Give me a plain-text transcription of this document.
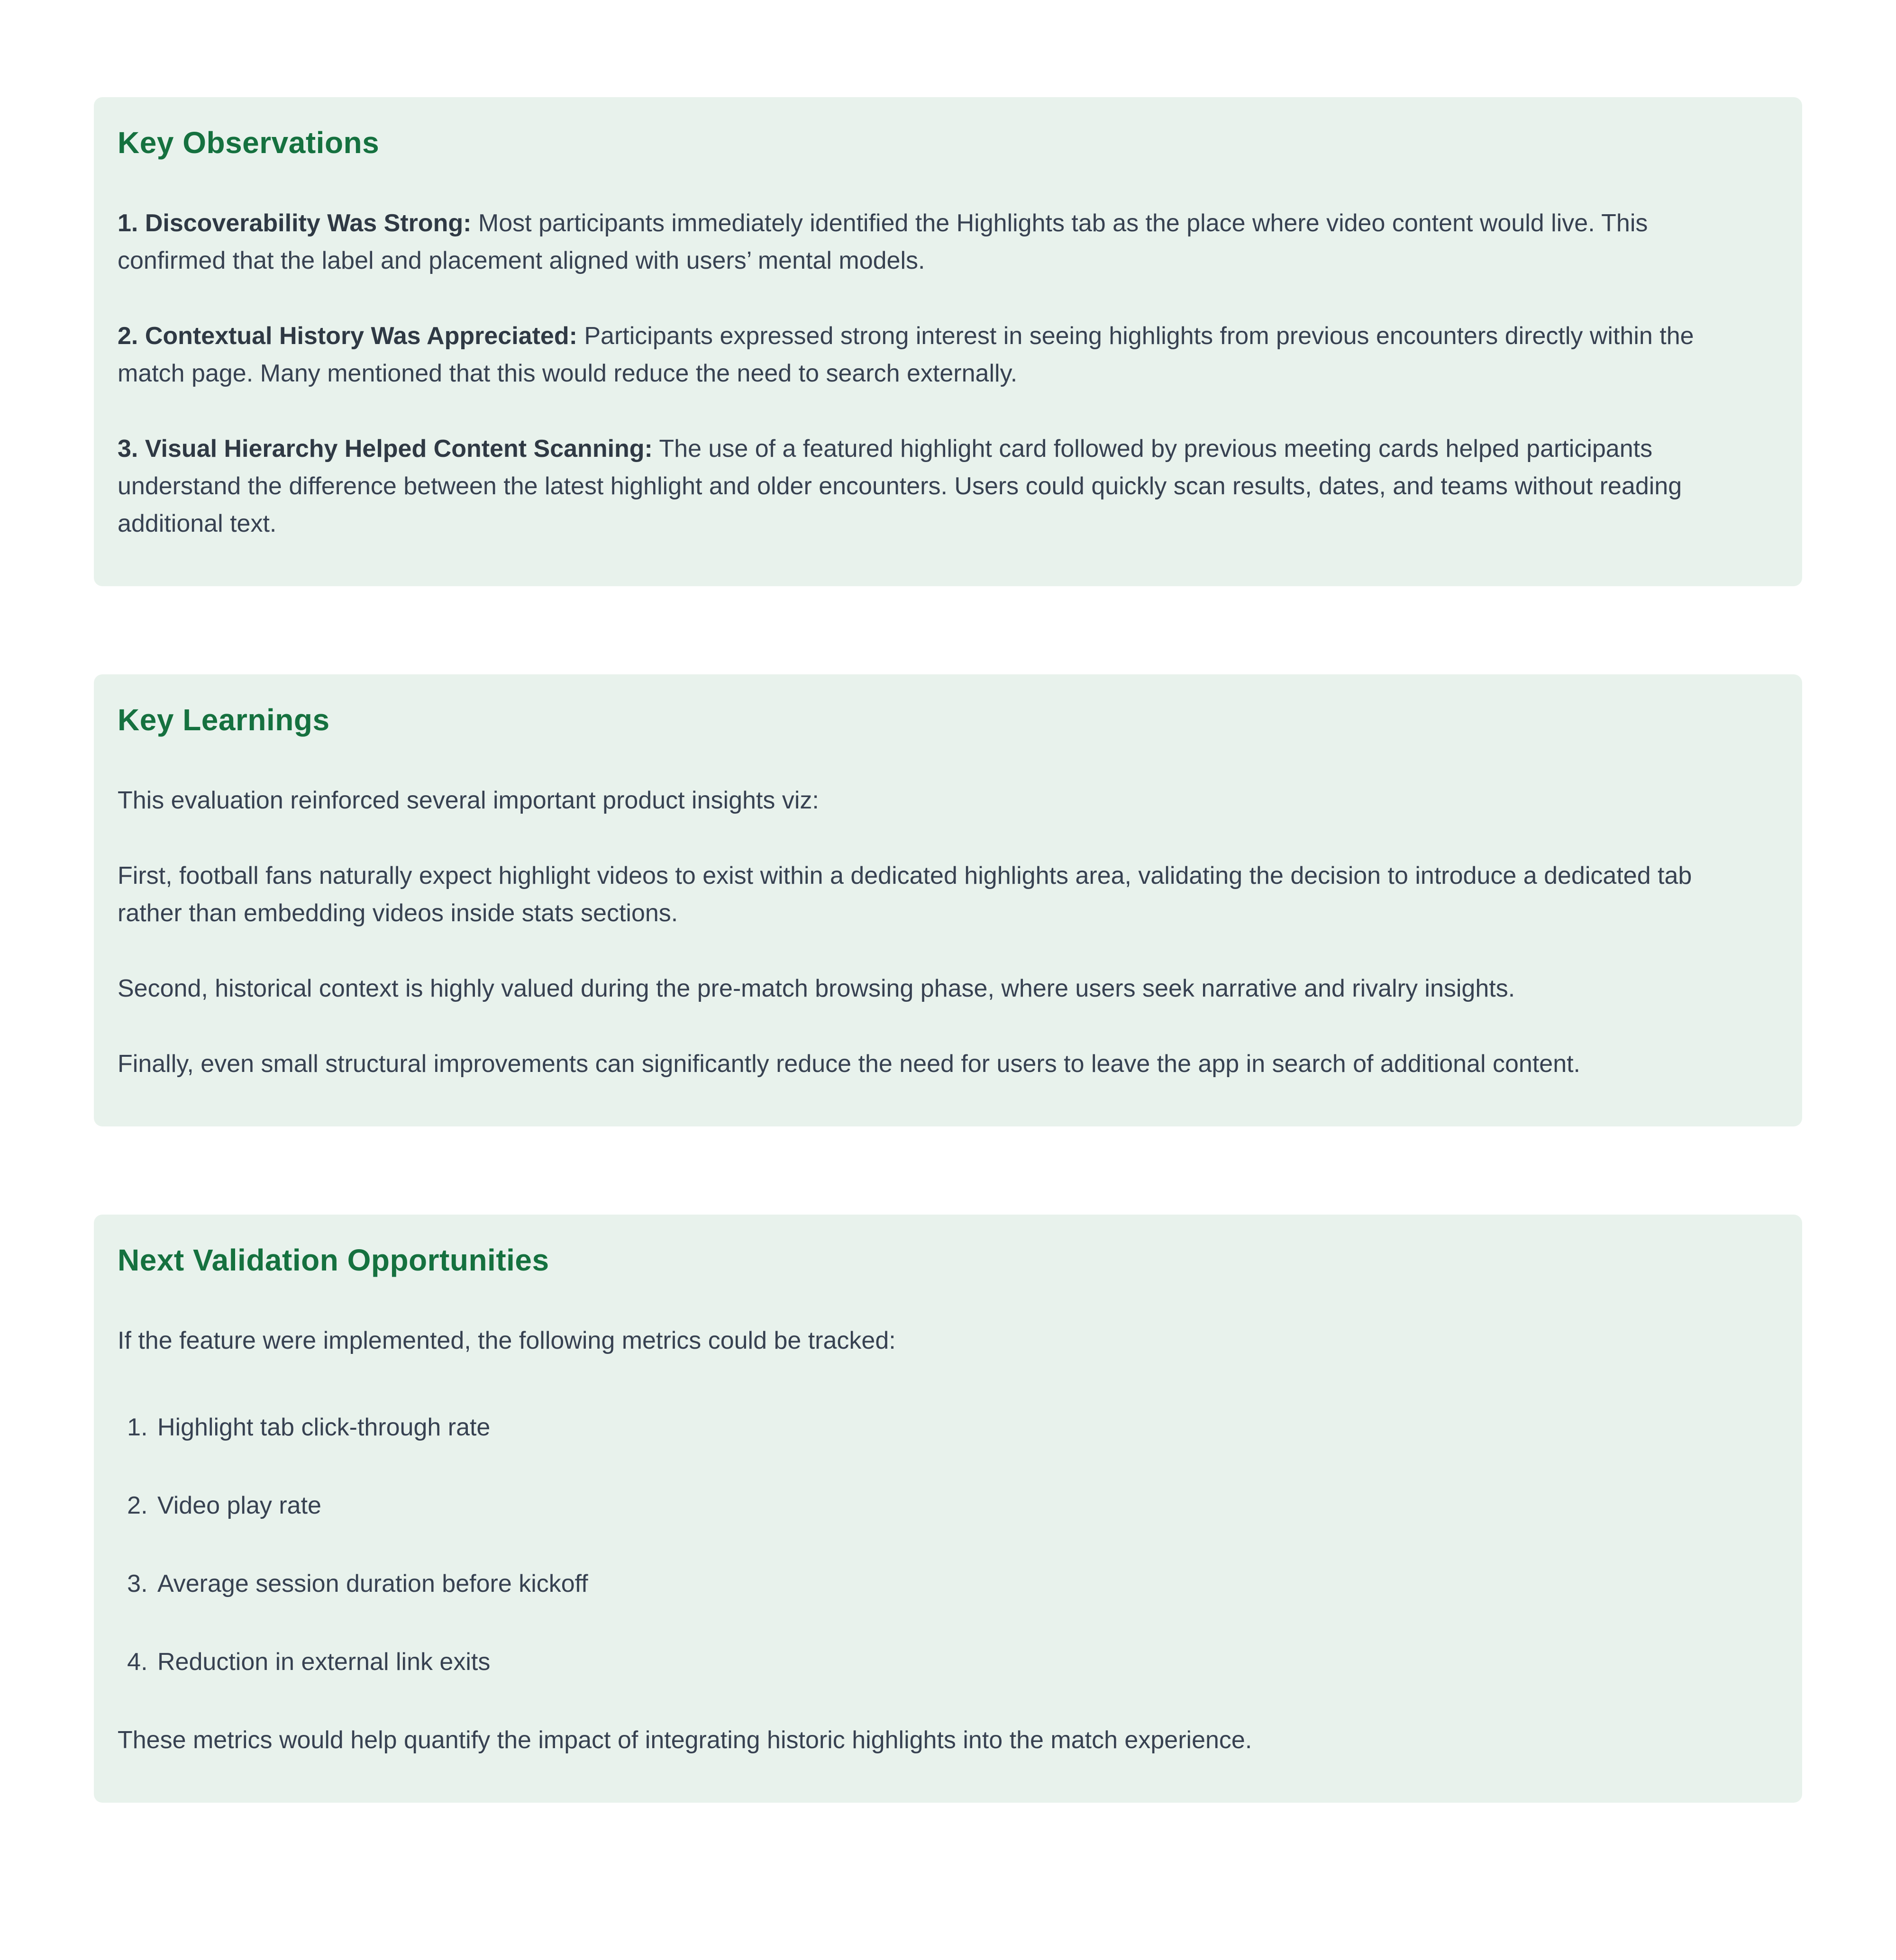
Key Observations

1. Discoverability Was Strong: Most participants immediately identified the Highlights tab as the place where video content would live. This confirmed that the label and placement aligned with users’ mental models.

2. Contextual History Was Appreciated: Participants expressed strong interest in seeing highlights from previous encounters directly within the match page. Many mentioned that this would reduce the need to search externally.

3. Visual Hierarchy Helped Content Scanning: The use of a featured highlight card followed by previous meeting cards helped participants understand the difference between the latest highlight and older encounters. Users could quickly scan results, dates, and teams without reading additional text.

Key Learnings

This evaluation reinforced several important product insights viz:

First, football fans naturally expect highlight videos to exist within a dedicated highlights area, validating the decision to introduce a dedicated tab rather than embedding videos inside stats sections.

Second, historical context is highly valued during the pre-match browsing phase, where users seek narrative and rivalry insights.

Finally, even small structural improvements can significantly reduce the need for users to leave the app in search of additional content.

Next Validation Opportunities

If the feature were implemented, the following metrics could be tracked:

1. Highlight tab click-through rate
2. Video play rate
3. Average session duration before kickoff
4. Reduction in external link exits

These metrics would help quantify the impact of integrating historic highlights into the match experience.
